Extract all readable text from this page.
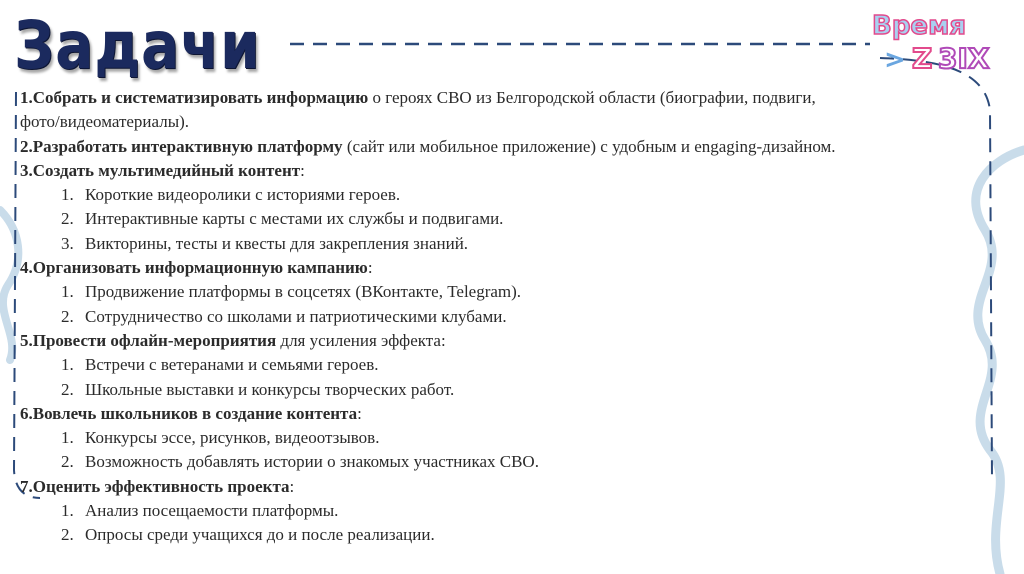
Задачи	Время
> Z 3IX
1.Собрать и систематизировать информацию о героях СВО из Белгородской области (биографии, подвиги,
фото/видеоматериалы).
2.Разработать интерактивную платформу (сайт или мобильное приложение) с удобным и engaging-дизайном.
3.Создать мультимедийный контент:
1. Короткие видеоролики с историями героев.
2. Интерактивные карты с местами их службы и подвигами.
3. Викторины, тесты и квесты для закрепления знаний.
4.Организовать информационную кампанию:
1. Продвижение платформы в соцсетях (ВКонтакте, Telegram).
2. Сотрудничество со школами и патриотическими клубами.
5.Провести офлайн-мероприятия для усиления эффекта:
1. Встречи с ветеранами и семьями героев.
2. Школьные выставки и конкурсы творческих работ.
6.Вовлечь школьников в создание контента:
1. Конкурсы эссе, рисунков, видеоотзывов.
2. Возможность добавлять истории о знакомых участниках СВО.
7.Оценить эффективность проекта:
1. Анализ посещаемости платформы.
2. Опросы среди учащихся до и после реализации.
